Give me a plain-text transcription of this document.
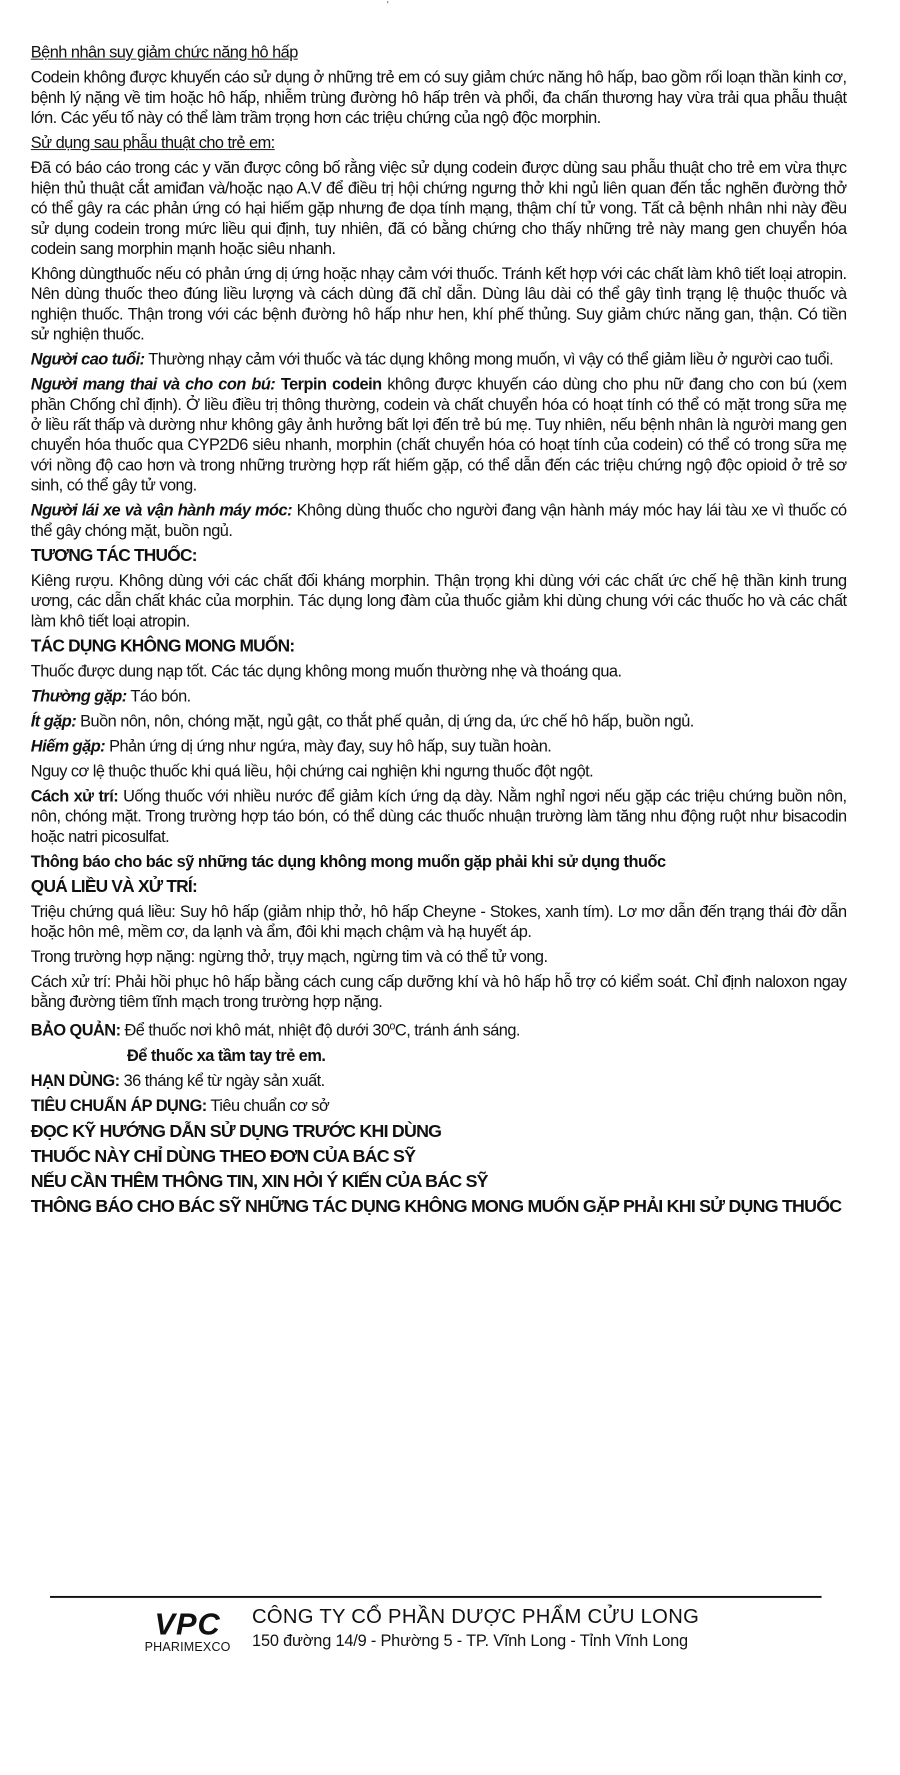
'

Bệnh nhân suy giảm chức năng hô hấp

Codein không được khuyến cáo sử dụng ở những trẻ em có suy giảm chức năng hô hấp, bao gồm rối loạn thần kinh cơ, bệnh lý nặng về tim hoặc hô hấp, nhiễm trùng đường hô hấp trên và phổi, đa chấn thương hay vừa trải qua phẫu thuật lớn. Các yếu tố này có thể làm trầm trọng hơn các triệu chứng của ngộ độc morphin.

Sử dụng sau phẫu thuật cho trẻ em:

Đã có báo cáo trong các y văn được công bố rằng việc sử dụng codein được dùng sau phẫu thuật cho trẻ em vừa thực hiện thủ thuật cắt amiđan và/hoặc nạo A.V để điều trị hội chứng ngưng thở khi ngủ liên quan đến tắc nghẽn đường thở có thể gây ra các phản ứng có hại hiếm gặp nhưng đe dọa tính mạng, thậm chí tử vong. Tất cả bệnh nhân nhi này đều sử dụng codein trong mức liều qui định, tuy nhiên, đã có bằng chứng cho thấy những trẻ này mang gen chuyển hóa codein sang morphin mạnh hoặc siêu nhanh.

Không dùngthuốc nếu có phản ứng dị ứng hoặc nhạy cảm với thuốc. Tránh kết hợp với các chất làm khô tiết loại atropin. Nên dùng thuốc theo đúng liều lượng và cách dùng đã chỉ dẫn. Dùng lâu dài có thể gây tình trạng lệ thuộc thuốc và nghiện thuốc. Thận trong với các bệnh đường hô hấp như hen, khí phế thủng. Suy giảm chức năng gan, thận. Có tiền sử nghiện thuốc.

Người cao tuổi: Thường nhạy cảm với thuốc và tác dụng không mong muốn, vì vậy có thể giảm liều ở người cao tuổi.

Người mang thai và cho con bú: Terpin codein không được khuyến cáo dùng cho phu nữ đang cho con bú (xem phần Chống chỉ định). Ở liều điều trị thông thường, codein và chất chuyển hóa có hoạt tính có thể có mặt trong sữa mẹ ở liều rất thấp và dường như không gây ảnh hưởng bất lợi đến trẻ bú mẹ. Tuy nhiên, nếu bệnh nhân là người mang gen chuyển hóa thuốc qua CYP2D6 siêu nhanh, morphin (chất chuyển hóa có hoạt tính của codein) có thể có trong sữa mẹ với nồng độ cao hơn và trong những trường hợp rất hiếm gặp, có thể dẫn đến các triệu chứng ngộ độc opioid ở trẻ sơ sinh, có thể gây tử vong.

Người lái xe và vận hành máy móc: Không dùng thuốc cho người đang vận hành máy móc hay lái tàu xe vì thuốc có thể gây chóng mặt, buồn ngủ.

TƯƠNG TÁC THUỐC:

Kiêng rượu. Không dùng với các chất đối kháng morphin. Thận trọng khi dùng với các chất ức chế hệ thần kinh trung ương, các dẫn chất khác của morphin. Tác dụng long đàm của thuốc giảm khi dùng chung với các thuốc ho và các chất làm khô tiết loại atropin.

TÁC DỤNG KHÔNG MONG MUỐN:

Thuốc được dung nạp tốt. Các tác dụng không mong muốn thường nhẹ và thoáng qua.

Thường gặp: Táo bón.

Ít gặp: Buồn nôn, nôn, chóng mặt, ngủ gật, co thắt phế quản, dị ứng da, ức chế hô hấp, buồn ngủ.

Hiếm gặp: Phản ứng dị ứng như ngứa, mày đay, suy hô hấp, suy tuần hoàn.

Nguy cơ lệ thuộc thuốc khi quá liều, hội chứng cai nghiện khi ngưng thuốc đột ngột.

Cách xử trí: Uống thuốc với nhiều nước để giảm kích ứng dạ dày. Nằm nghỉ ngơi nếu gặp các triệu chứng buồn nôn, nôn, chóng mặt. Trong trường hợp táo bón, có thể dùng các thuốc nhuận trường làm tăng nhu động ruột như bisacodin hoặc natri picosulfat.

Thông báo cho bác sỹ những tác dụng không mong muốn gặp phải khi sử dụng thuốc

QUÁ LIỀU VÀ XỬ TRÍ:

Triệu chứng quá liều: Suy hô hấp (giảm nhịp thở, hô hấp Cheyne - Stokes, xanh tím). Lơ mơ dẫn đến trạng thái đờ dẫn hoặc hôn mê, mềm cơ, da lạnh và ẩm, đôi khi mạch chậm và hạ huyết áp.

Trong trường hợp nặng: ngừng thở, trụy mạch, ngừng tim và có thể tử vong.

Cách xử trí: Phải hồi phục hô hấp bằng cách cung cấp dưỡng khí và hô hấp hỗ trợ có kiểm soát. Chỉ định naloxon ngay bằng đường tiêm tĩnh mạch trong trường hợp nặng.

BẢO QUẢN: Để thuốc nơi khô mát, nhiệt độ dưới 30$^o$C, tránh ánh sáng.

Để thuốc xa tầm tay trẻ em.

HẠN DÙNG: 36 tháng kể từ ngày sản xuất.

TIÊU CHUẨN ÁP DỤNG: Tiêu chuẩn cơ sở

ĐỌC KỸ HƯỚNG DẪN SỬ DỤNG TRƯỚC KHI DÙNG

THUỐC NÀY CHỈ DÙNG THEO ĐƠN CỦA BÁC SỸ

NẾU CẦN THÊM THÔNG TIN, XIN HỎI Ý KIẾN CỦA BÁC SỸ

THÔNG BÁO CHO BÁC SỸ NHỮNG TÁC DỤNG KHÔNG MONG MUỐN GẶP PHẢI KHI SỬ DỤNG THUỐC

VPC
PHARIMEXCO
CÔNG TY CỔ PHẦN DƯỢC PHẨM CỬU LONG
150 đường 14/9 - Phường 5 - TP. Vĩnh Long - Tỉnh Vĩnh Long
